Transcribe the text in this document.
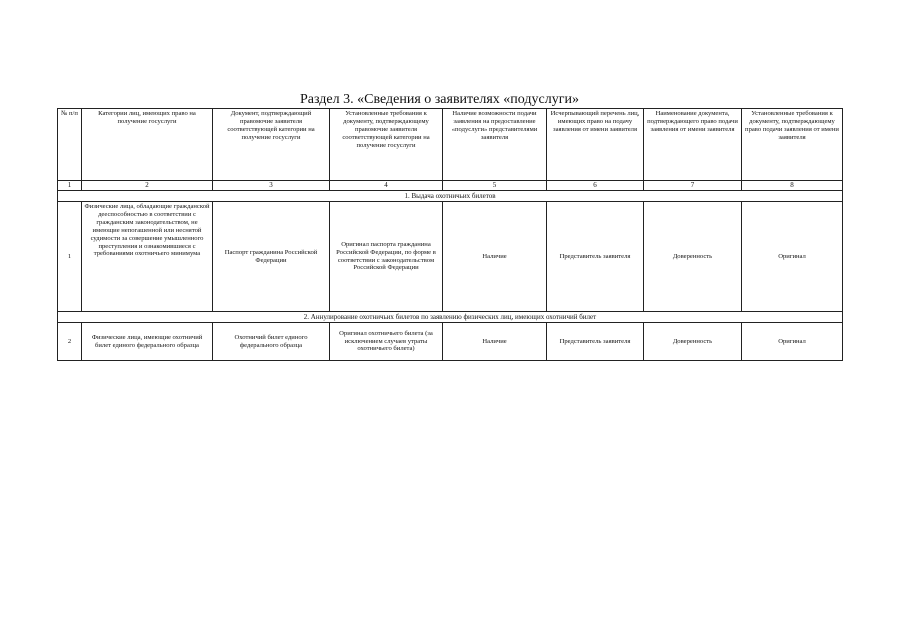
Раздел 3. «Сведения о заявителях «подуслуги»
№ п/п	Категории лиц, имеющих право на получение госуслуги	Документ, подтверждающий правомочие заявителя соответствующей категории на получение госуслуги	Установленные требования к документу, подтверждающему правомочие заявителя соответствующей категории на получение госуслуги	Наличие возможности подачи заявления на предоставление «подуслуги» представителями заявителя	Исчерпывающий перечень лиц, имеющих право на подачу заявления от имени заявителя	Наименование документа, подтверждающего право подачи заявления от имени заявителя	Установленные требования к документу, подтверждающему право подачи заявления от имени заявителя
1	2	3	4	5	6	7	8
1. Выдача охотничьих билетов							
1	Физические лица, обладающие гражданской дееспособностью в соответствии с гражданским законодательством, не имеющие непогашенной или неснятой судимости за совершение умышленного преступления и ознакомившиеся с требованиями охотничьего минимума	Паспорт гражданина Российской Федерации	Оригинал паспорта гражданина Российской Федерации, по форме в соответствии с законодательством Российской Федерации	Наличие	Представитель заявителя	Доверенность	Оригинал
2. Аннулирование охотничьих билетов по заявлению физических лиц, имеющих охотничий билет							
2	Физические лица, имеющие охотничий билет единого федерального образца	Охотничий билет единого федерального образца	Оригинал охотничьего билета (за исключением случаев утраты охотничьего билета)	Наличие	Представитель заявителя	Доверенность	Оригинал
